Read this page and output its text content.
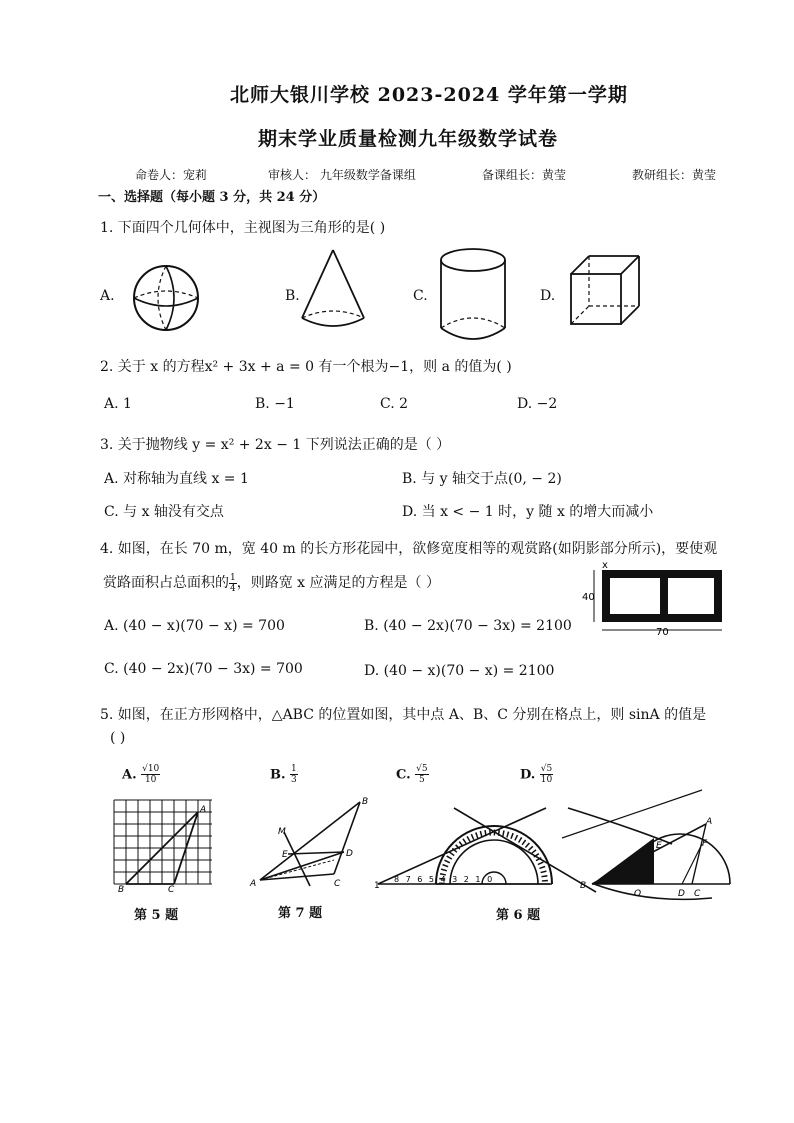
北师大银川学校 2023-2024 学年第一学期
期末学业质量检测九年级数学试卷
命卷人：宠莉	审核人： 九年级数学备课组	备课组长：黄莹	教研组长：黄莹
一、选择题（每小题 3 分，共 24 分）
1. 下面四个几何体中，主视图为三角形的是( )
A.	B.	C.	D.
2. 关于 x 的方程x² + 3x + a = 0 有一个根为−1，则 a 的值为( )
A. 1	B. −1	C. 2	D. −2
3. 关于抛物线 y = x² + 2x − 1 下列说法正确的是（ ）
A. 对称轴为直线 x = 1	B. 与 y 轴交于点(0, − 2)
C. 与 x 轴没有交点	D. 当 x < − 1 时，y 随 x 的增大而减小
4. 如图，在长 70 m，宽 40 m 的长方形花园中，欲修宽度相等的观赏路(如阴影部分所示)，要使观
赏路面积占总面积的 $\frac{1}{4}$ ，则路宽 x 应满足的方程是（ ）
A. (40 − x)(70 − x) = 700	B. (40 − 2x)(70 − 3x) = 2100
C. (40 − 2x)(70 − 3x) = 700	D. (40 − x)(70 − x) = 2100
x
40
70
5. 如图，在正方形网格中，△ABC 的位置如图，其中点 A、B、C 分别在格点上，则 sinA 的值是
( )
A. $\frac{√10}{10}$	B. $\frac{1}{3}$	C. $\frac{√5}{5}$	D. $\frac{√5}{10}$
A
B	C
M
B
E	D
A	C	1
8 7 6 5 4 3 2 1 0
B
A
E	F
D C
O
第 5 题	第 7 题	第 6 题
